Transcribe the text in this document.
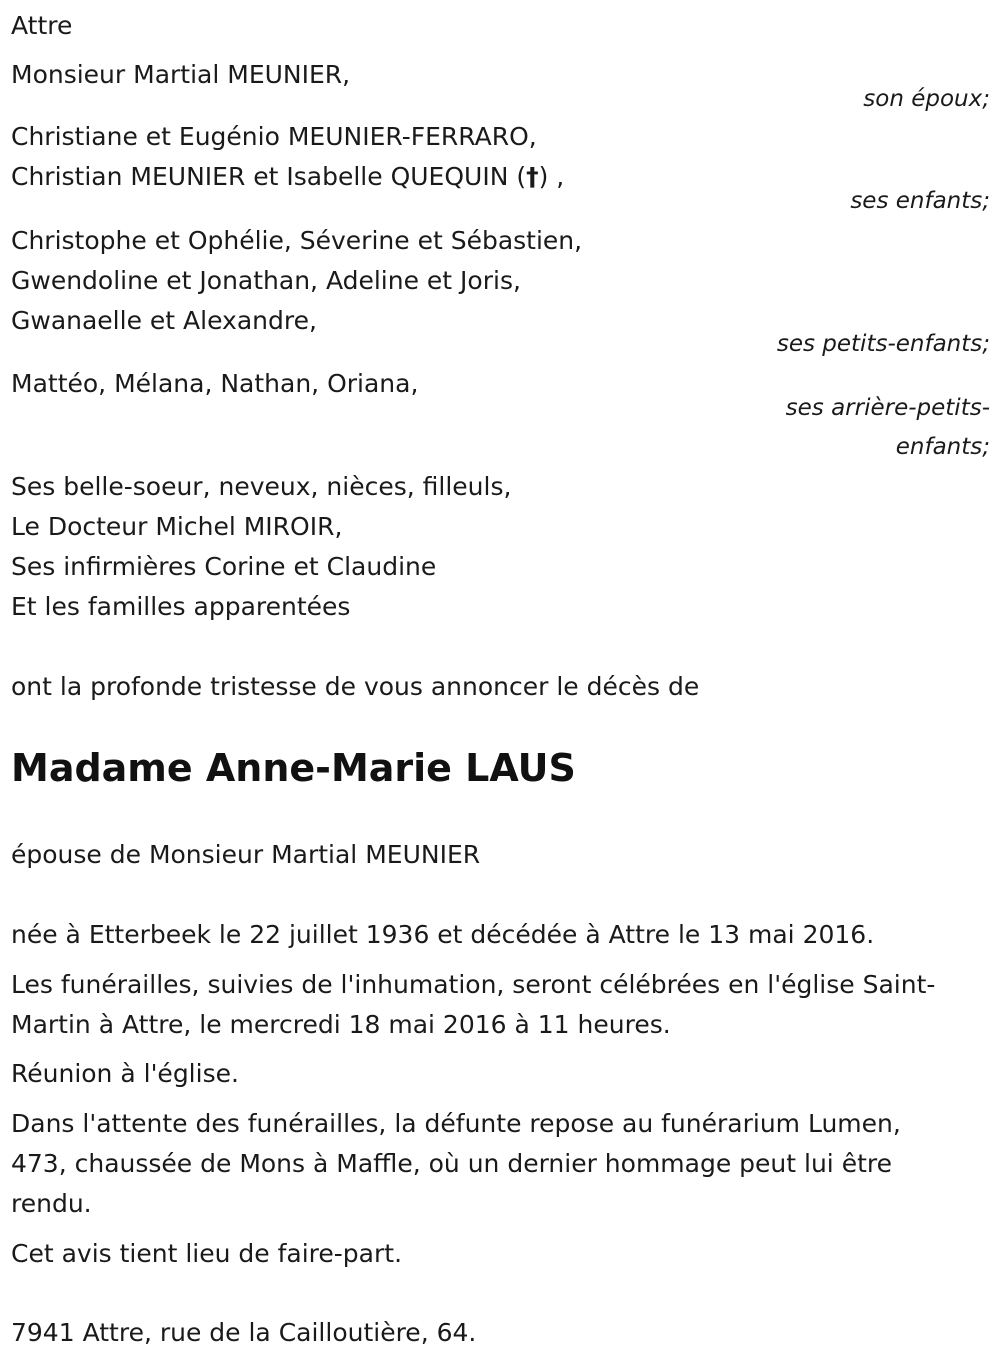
Attre
Monsieur Martial MEUNIER,
son époux;
Christiane et Eugénio MEUNIER-FERRARO,
Christian MEUNIER et Isabelle QUEQUIN (†) ,
ses enfants;
Christophe et Ophélie, Séverine et Sébastien,
Gwendoline et Jonathan, Adeline et Joris,
Gwanaelle et Alexandre,
ses petits-enfants;
Mattéo, Mélana, Nathan, Oriana,
ses arrière-petits-
enfants;
Ses belle-soeur, neveux, nièces, filleuls,
Le Docteur Michel MIROIR,
Ses infirmières Corine et Claudine
Et les familles apparentées
ont la profonde tristesse de vous annoncer le décès de
Madame Anne-Marie LAUS
épouse de Monsieur Martial MEUNIER
née à Etterbeek le 22 juillet 1936 et décédée à Attre le 13 mai 2016.
Les funérailles, suivies de l'inhumation, seront célébrées en l'église Saint-
Martin à Attre, le mercredi 18 mai 2016 à 11 heures.
Réunion à l'église.
Dans l'attente des funérailles, la défunte repose au funérarium Lumen,
473, chaussée de Mons à Maffle, où un dernier hommage peut lui être
rendu.
Cet avis tient lieu de faire-part.
7941 Attre, rue de la Cailloutière, 64.
